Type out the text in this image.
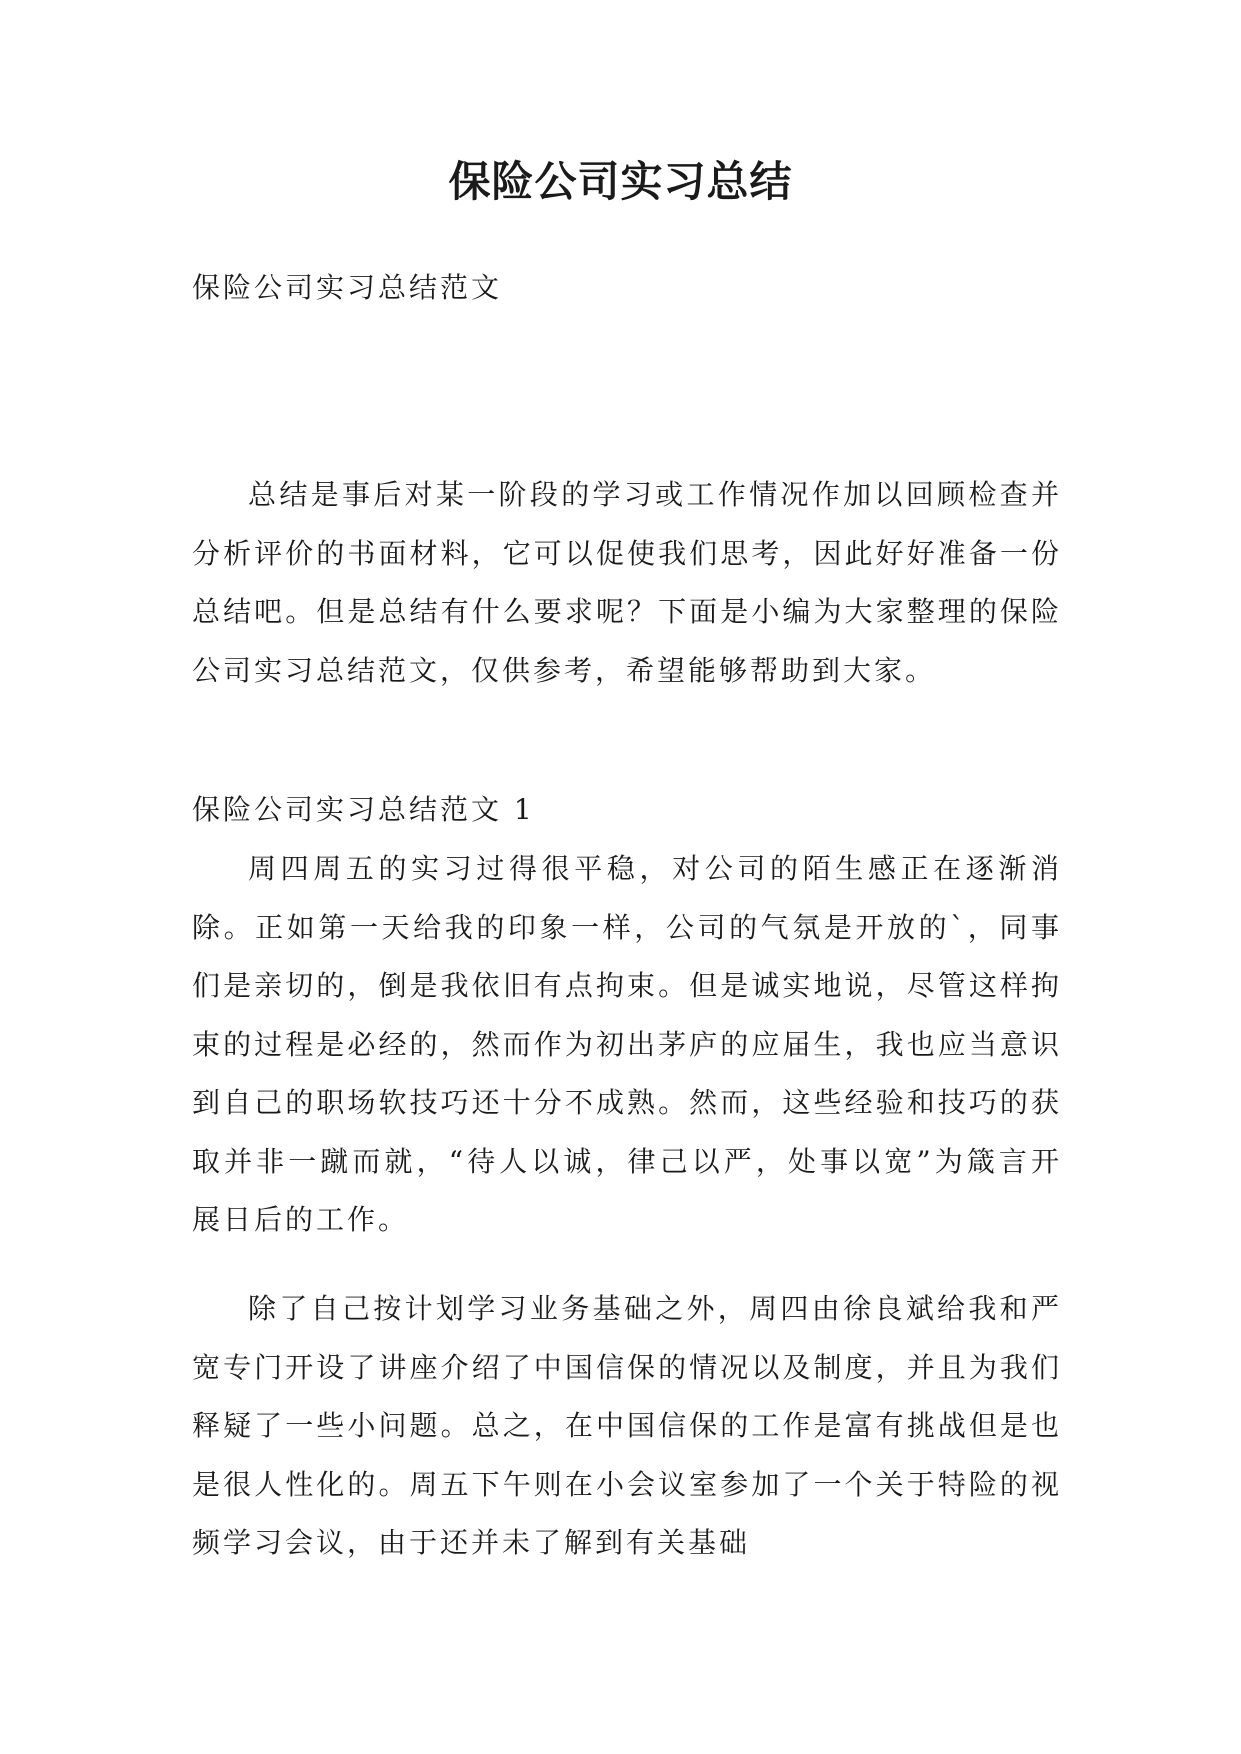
保险公司实习总结
保险公司实习总结范文

总结是事后对某一阶段的学习或工作情况作加以回顾检查并分析评价的书面材料，它可以促使我们思考，因此好好准备一份总结吧。但是总结有什么要求呢？下面是小编为大家整理的保险公司实习总结范文，仅供参考，希望能够帮助到大家。

保险公司实习总结范文 1

周四周五的实习过得很平稳，对公司的陌生感正在逐渐消除。正如第一天给我的印象一样，公司的气氛是开放的`，同事们是亲切的，倒是我依旧有点拘束。但是诚实地说，尽管这样拘束的过程是必经的，然而作为初出茅庐的应届生，我也应当意识到自己的职场软技巧还十分不成熟。然而，这些经验和技巧的获取并非一蹴而就，“待人以诚，律己以严，处事以宽”为箴言开展日后的工作。

除了自己按计划学习业务基础之外，周四由徐良斌给我和严宽专门开设了讲座介绍了中国信保的情况以及制度，并且为我们释疑了一些小问题。总之，在中国信保的工作是富有挑战但是也是很人性化的。周五下午则在小会议室参加了一个关于特险的视频学习会议，由于还并未了解到有关基础
